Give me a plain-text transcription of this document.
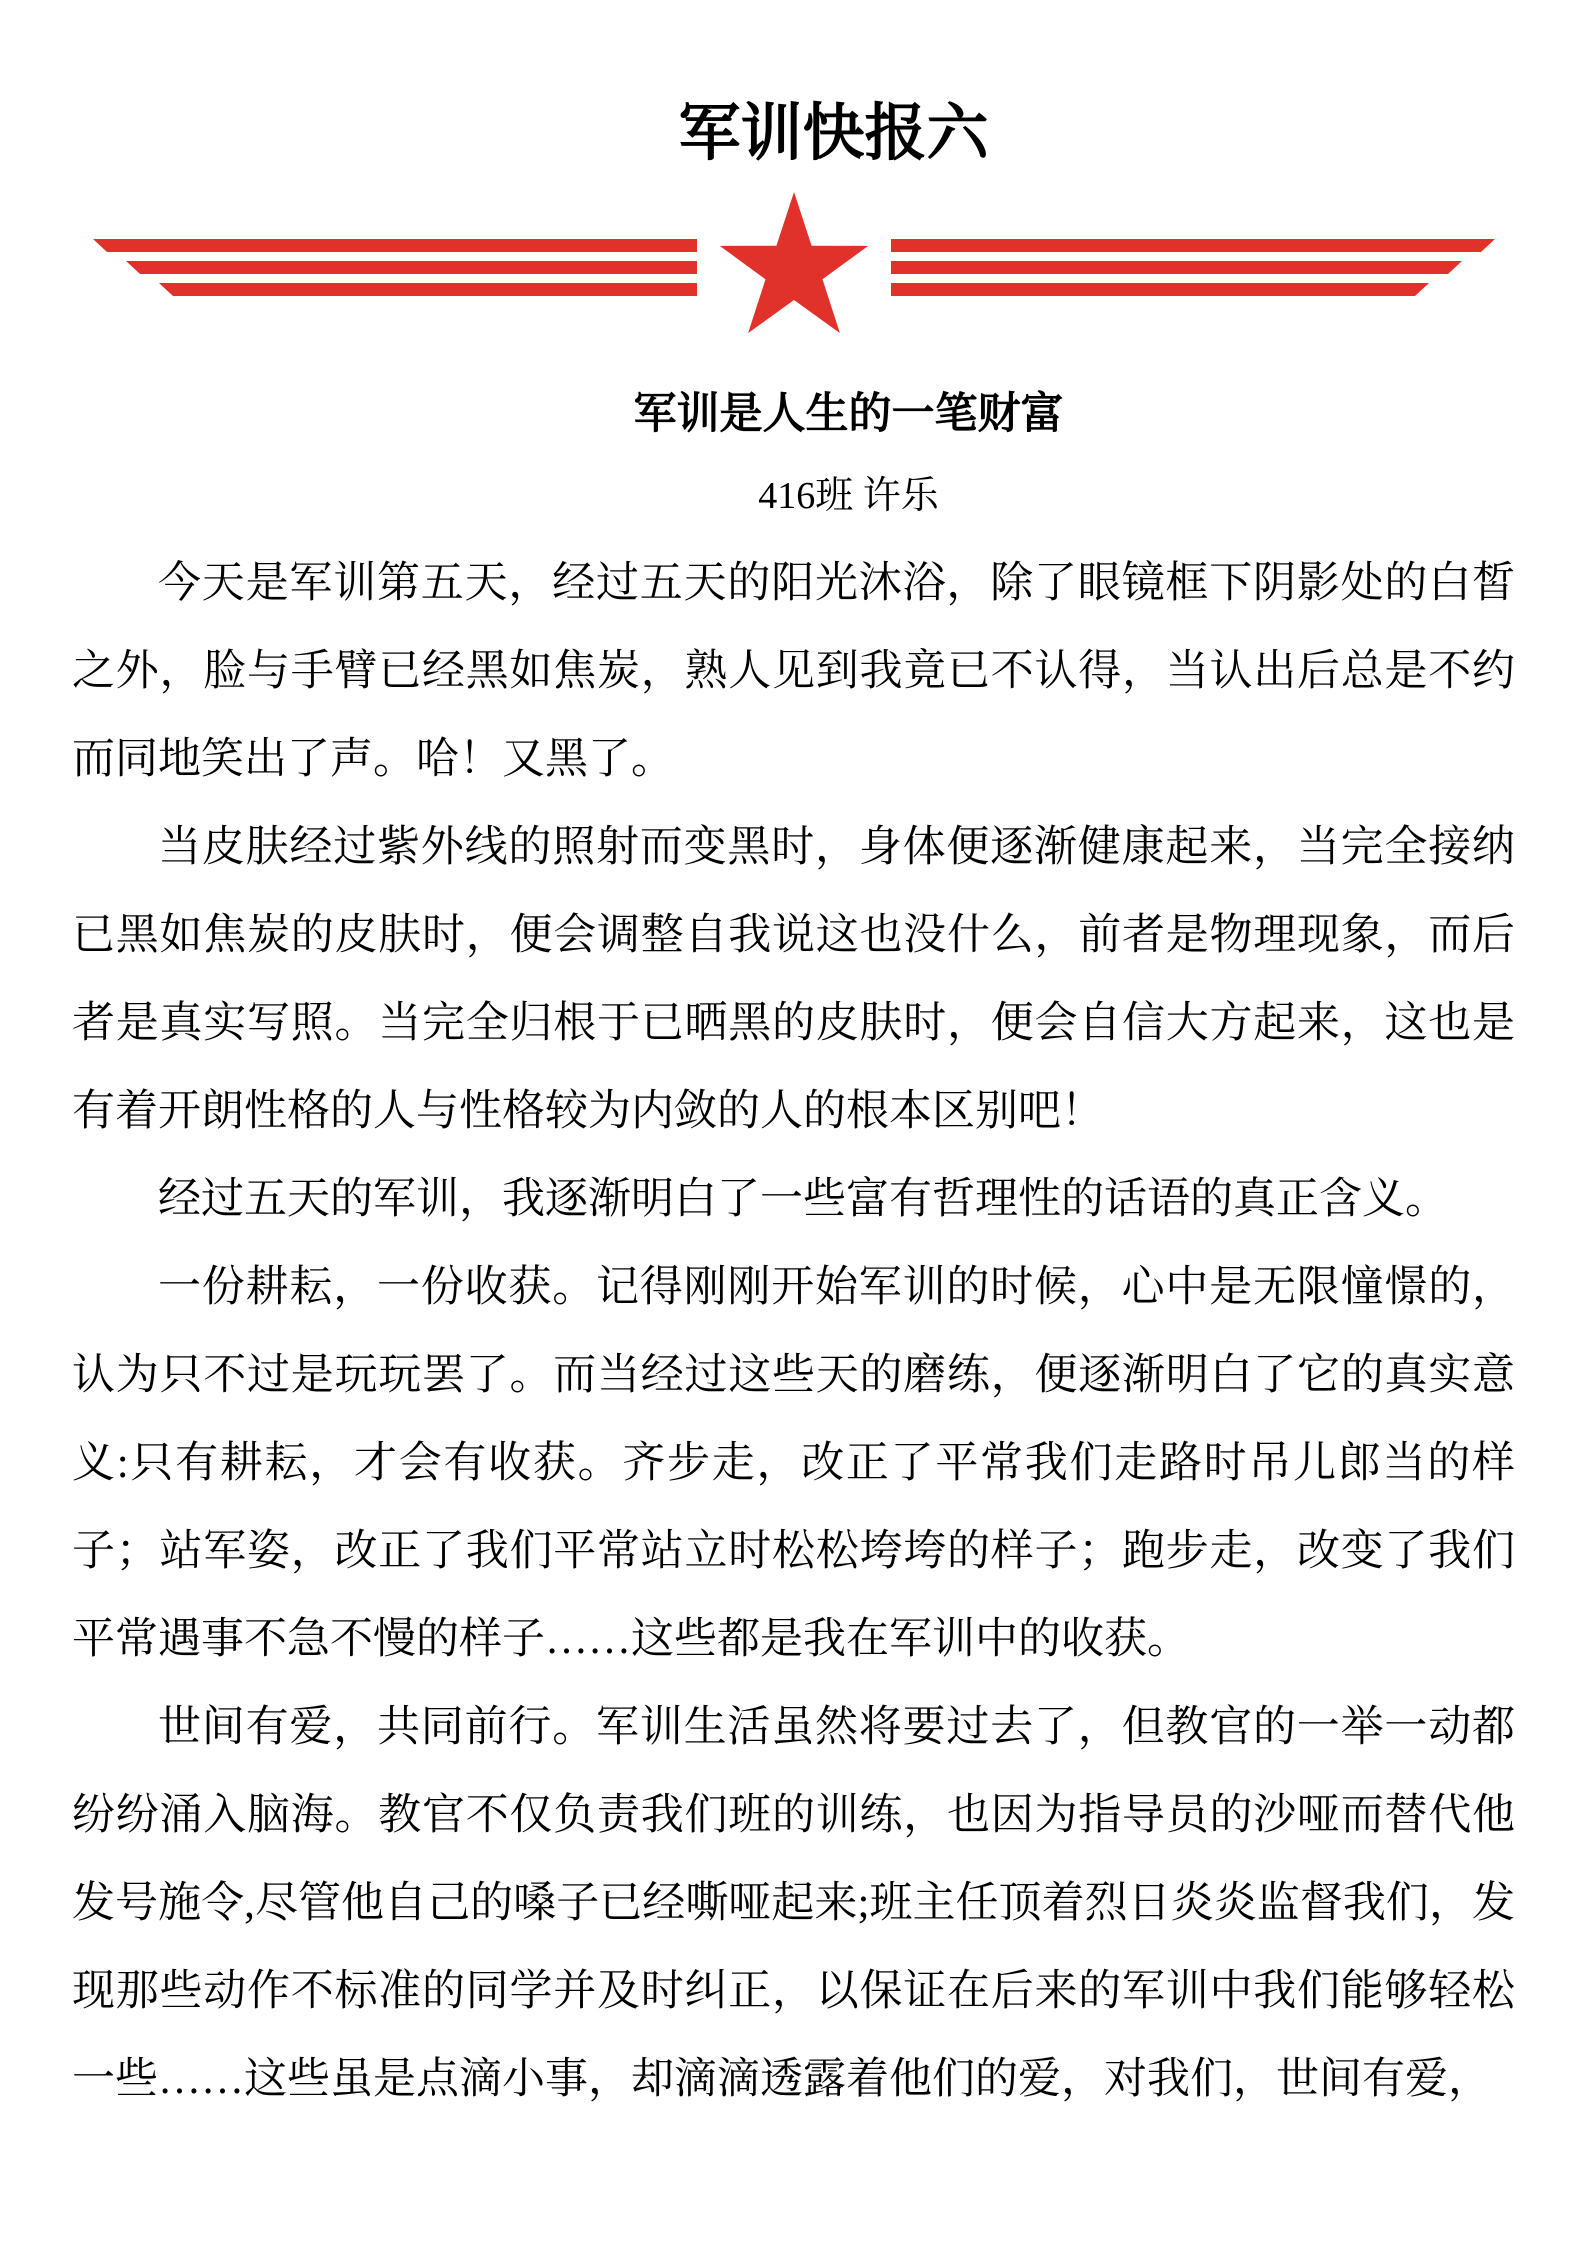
军训快报六
军训是人生的一笔财富
416班 许乐

今天是军训第五天，经过五天的阳光沐浴，除了眼镜框下阴影处的白皙之外，脸与手臂已经黑如焦炭，熟人见到我竟已不认得，当认出后总是不约而同地笑出了声。哈！又黑了。

当皮肤经过紫外线的照射而变黑时，身体便逐渐健康起来，当完全接纳已黑如焦炭的皮肤时，便会调整自我说这也没什么，前者是物理现象，而后者是真实写照。当完全归根于已晒黑的皮肤时，便会自信大方起来，这也是有着开朗性格的人与性格较为内敛的人的根本区别吧！

经过五天的军训，我逐渐明白了一些富有哲理性的话语的真正含义。

一份耕耘，一份收获。记得刚刚开始军训的时候，心中是无限憧憬的，认为只不过是玩玩罢了。而当经过这些天的磨练，便逐渐明白了它的真实意义:只有耕耘，才会有收获。齐步走，改正了平常我们走路时吊儿郎当的样子；站军姿，改正了我们平常站立时松松垮垮的样子；跑步走，改变了我们平常遇事不急不慢的样子……这些都是我在军训中的收获。

世间有爱，共同前行。军训生活虽然将要过去了，但教官的一举一动都纷纷涌入脑海。教官不仅负责我们班的训练，也因为指导员的沙哑而替代他发号施令,尽管他自己的嗓子已经嘶哑起来;班主任顶着烈日炎炎监督我们，发现那些动作不标准的同学并及时纠正，以保证在后来的军训中我们能够轻松一些……这些虽是点滴小事，却滴滴透露着他们的爱，对我们，世间有爱，
